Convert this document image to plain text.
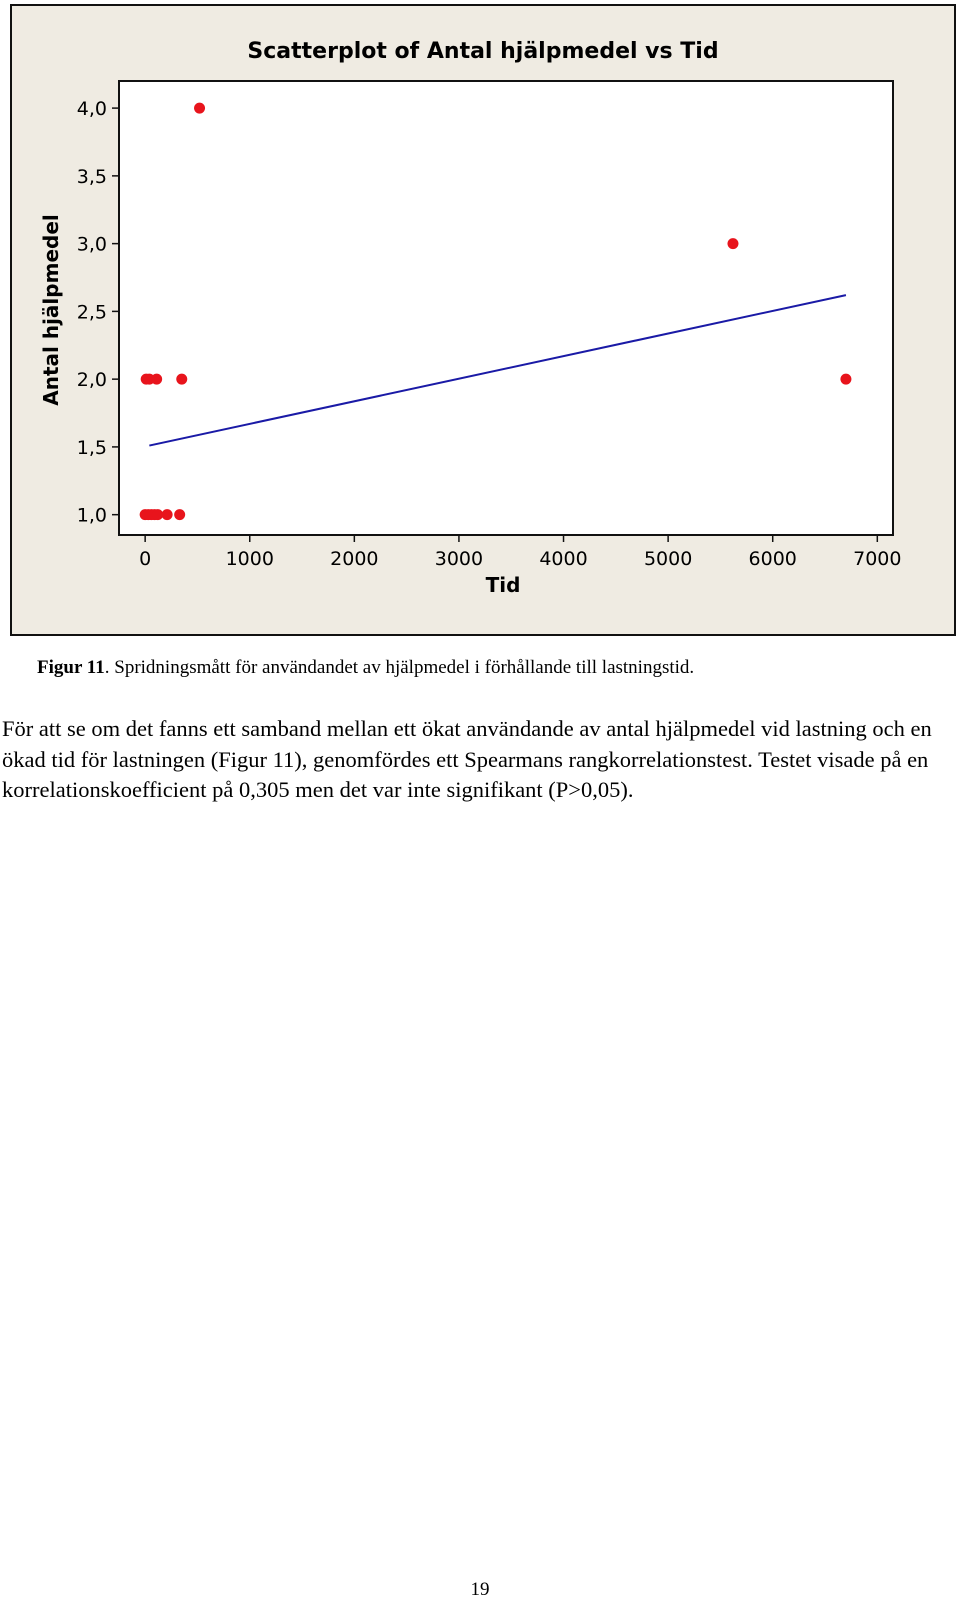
Scatterplot of Antal hjälpmedel vs Tid
1,0
1,5
2,0
2,5
3,0
3,5
4,0
0	1000	2000	3000	4000	5000	6000	7000
Tid
Antal hjälpmedel
Figur 11. Spridningsmått för användandet av hjälpmedel i förhållande till lastningstid.

För att se om det fanns ett samband mellan ett ökat användande av antal hjälpmedel vid lastning och en ökad tid för lastningen (Figur 11), genomfördes ett Spearmans rangkorrelationstest. Testet visade på en korrelationskoefficient på 0,305 men det var inte signifikant (P>0,05).

19
